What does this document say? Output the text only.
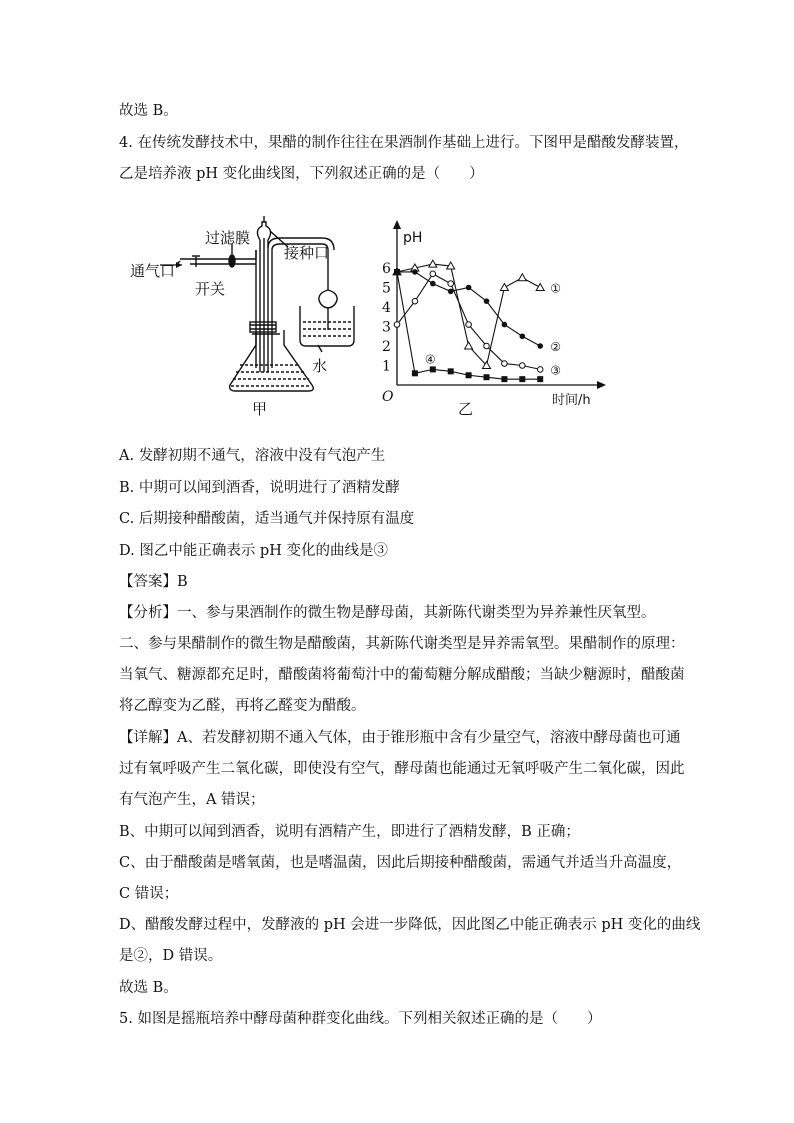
故选 B。
4. 在传统发酵技术中，果醋的制作往往在果酒制作基础上进行。下图甲是醋酸发酵装置，
乙是培养液 pH 变化曲线图，下列叙述正确的是（　　）
过滤膜
接种口
通气口
开关
水
甲
1
2
3
4
5
6
①
②
③
④
pH
时间/h
O
乙
A. 发酵初期不通气，溶液中没有气泡产生
B. 中期可以闻到酒香，说明进行了酒精发酵
C. 后期接种醋酸菌，适当通气并保持原有温度
D. 图乙中能正确表示 pH 变化的曲线是③
【答案】B
【分析】一、参与果酒制作的微生物是酵母菌，其新陈代谢类型为异养兼性厌氧型。
二、参与果醋制作的微生物是醋酸菌，其新陈代谢类型是异养需氧型。果醋制作的原理：
当氧气、糖源都充足时，醋酸菌将葡萄汁中的葡萄糖分解成醋酸；当缺少糖源时，醋酸菌
将乙醇变为乙醛，再将乙醛变为醋酸。
【详解】A、若发酵初期不通入气体，由于锥形瓶中含有少量空气，溶液中酵母菌也可通
过有氧呼吸产生二氧化碳，即使没有空气，酵母菌也能通过无氧呼吸产生二氧化碳，因此
有气泡产生，A 错误；
B、中期可以闻到酒香，说明有酒精产生，即进行了酒精发酵，B 正确；
C、由于醋酸菌是嗜氧菌，也是嗜温菌，因此后期接种醋酸菌，需通气并适当升高温度，
C 错误；
D、醋酸发酵过程中，发酵液的 pH 会进一步降低，因此图乙中能正确表示 pH 变化的曲线
是②，D 错误。
故选 B。
5. 如图是摇瓶培养中酵母菌种群变化曲线。下列相关叙述正确的是（　　）
